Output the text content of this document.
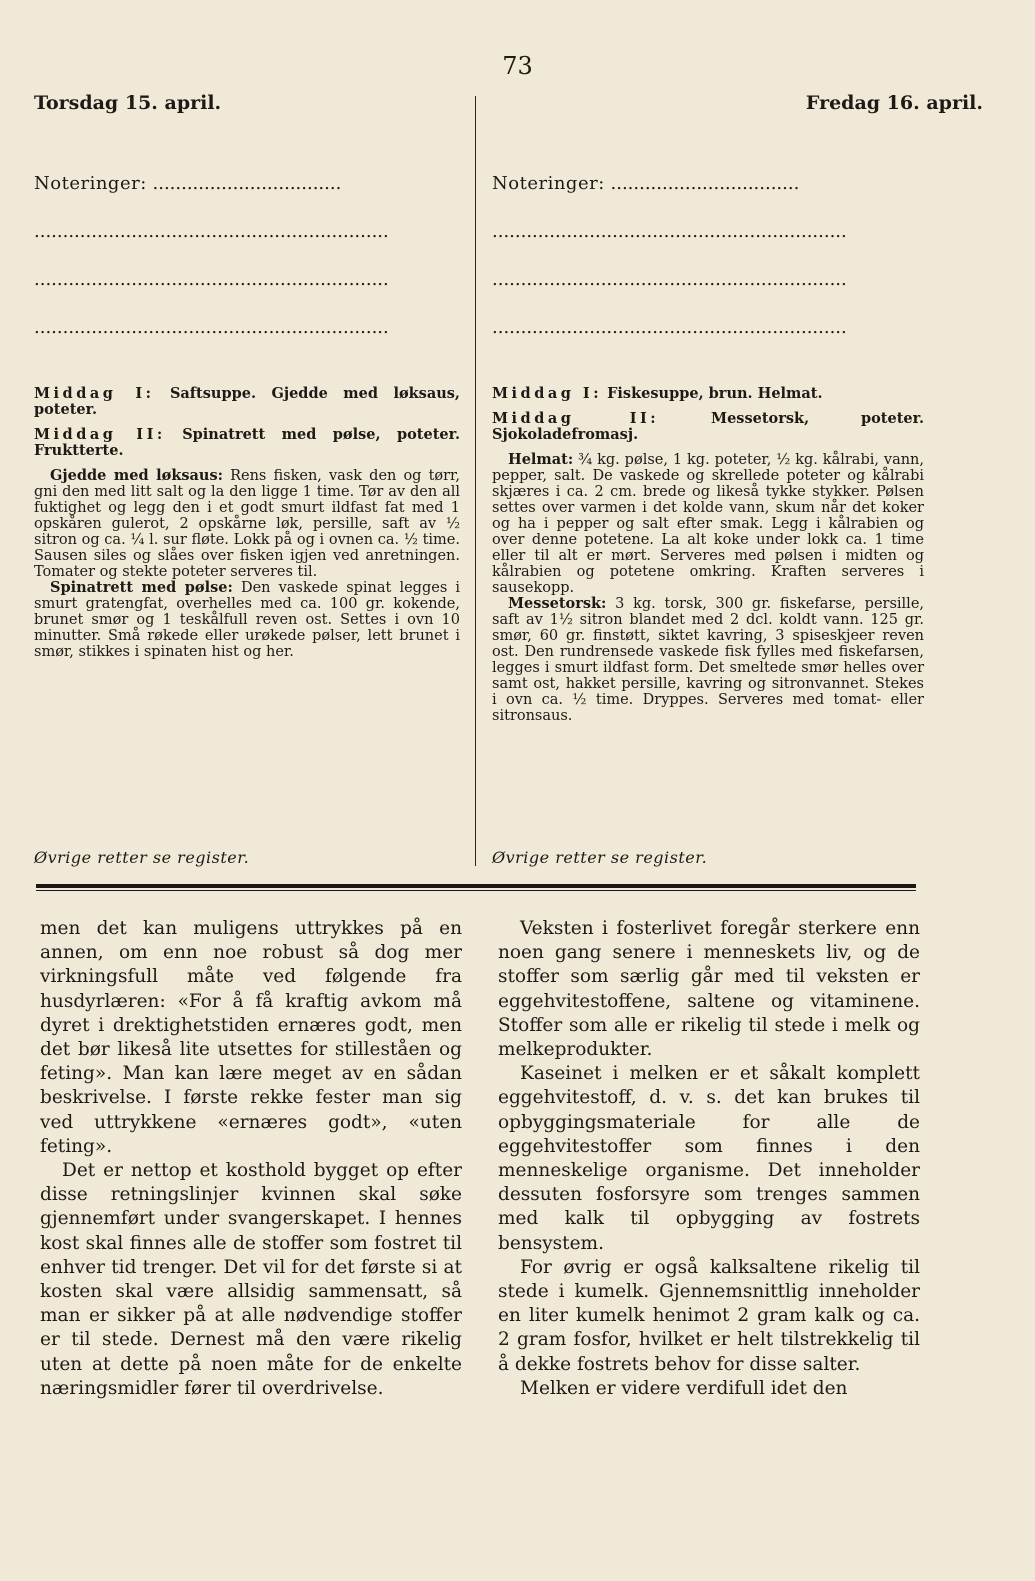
73
Torsdag 15. april.	Fredag 16. april.
Noteringer: .................................
..............................................................
..............................................................
..............................................................
Noteringer: .................................
..............................................................
..............................................................
..............................................................

Middag I: Saftsuppe. Gjedde med løksaus, poteter.

Middag II: Spinatrett med pølse, poteter. Fruktterte.

Gjedde med løksaus: Rens fisken, vask den og tørr, gni den med litt salt og la den ligge 1 time. Tør av den all fuktighet og legg den i et godt smurt ildfast fat med 1 opskåren gulerot, 2 opskårne løk, persille, saft av ½ sitron og ca. ¼ l. sur fløte. Lokk på og i ovnen ca. ½ time. Sausen siles og slåes over fisken igjen ved anretningen. Tomater og stekte poteter serveres til.

Spinatrett med pølse: Den vaskede spinat legges i smurt gratengfat, overhelles med ca. 100 gr. kokende, brunet smør og 1 teskålfull reven ost. Settes i ovn 10 minutter. Små røkede eller urøkede pølser, lett brunet i smør, stikkes i spinaten hist og her.

Middag I: Fiskesuppe, brun. Helmat.

Middag II:	Messetorsk, poteter. Sjokoladefromasj.

Helmat: ¾ kg. pølse, 1 kg. poteter, ½ kg. kålrabi, vann, pepper, salt. De vaskede og skrellede poteter og kålrabi skjæres i ca. 2 cm. brede og likeså tykke stykker. Pølsen settes over varmen i det kolde vann, skum når det koker og ha i pepper og salt efter smak. Legg i kålrabien og over denne potetene. La alt koke under lokk ca. 1 time eller til alt er mørt. Serveres med pølsen i midten og kålrabien og potetene omkring. Kraften serveres i sausekopp.

Messetorsk: 3 kg. torsk, 300 gr. fiskefarse, persille, saft av 1½ sitron blandet med 2 dcl. koldt vann. 125 gr. smør, 60 gr. finstøtt, siktet kavring, 3 spiseskjeer reven ost. Den rundrensede vaskede fisk fylles med fiskefarsen, legges i smurt ildfast form. Det smeltede smør helles over samt ost, hakket persille, kavring og sitronvannet. Stekes i ovn ca. ½ time. Dryppes. Serveres med tomat- eller sitronsaus.

Øvrige retter se register.	Øvrige retter se register.

men det kan muligens uttrykkes på en annen, om enn noe robust så dog mer virkningsfull måte ved følgende fra husdyrlæren: «For å få kraftig avkom må dyret i drektighetstiden ernæres godt, men det bør likeså lite utsettes for stilleståen og feting». Man kan lære meget av en sådan beskrivelse. I første rekke fester man sig ved uttrykkene «ernæres godt», «uten feting».

Det er nettop et kosthold bygget op efter disse retningslinjer kvinnen skal søke gjennemført under svangerskapet. I hennes kost skal finnes alle de stoffer som fostret til enhver tid trenger. Det vil for det første si at kosten skal være allsidig sammensatt, så man er sikker på at alle nødvendige stoffer er til stede. Dernest må den være rikelig uten at dette på noen måte for de enkelte næringsmidler fører til overdrivelse.

Veksten i fosterlivet foregår sterkere enn noen gang senere i menneskets liv, og de stoffer som særlig går med til veksten er eggehvitestoffene, saltene og vitaminene. Stoffer som alle er rikelig til stede i melk og melkeprodukter.

Kaseinet i melken er et såkalt komplett eggehvitestoff, d. v. s. det kan brukes til opbyggingsmateriale for alle de eggehvitestoffer som finnes i den menneskelige organisme. Det inneholder dessuten fosforsyre som trenges sammen med kalk til opbygging av fostrets bensystem.

For øvrig er også kalksaltene rikelig til stede i kumelk. Gjennemsnittlig inneholder en liter kumelk henimot 2 gram kalk og ca. 2 gram fosfor, hvilket er helt tilstrekkelig til å dekke fostrets behov for disse salter.

Melken er videre verdifull idet den
